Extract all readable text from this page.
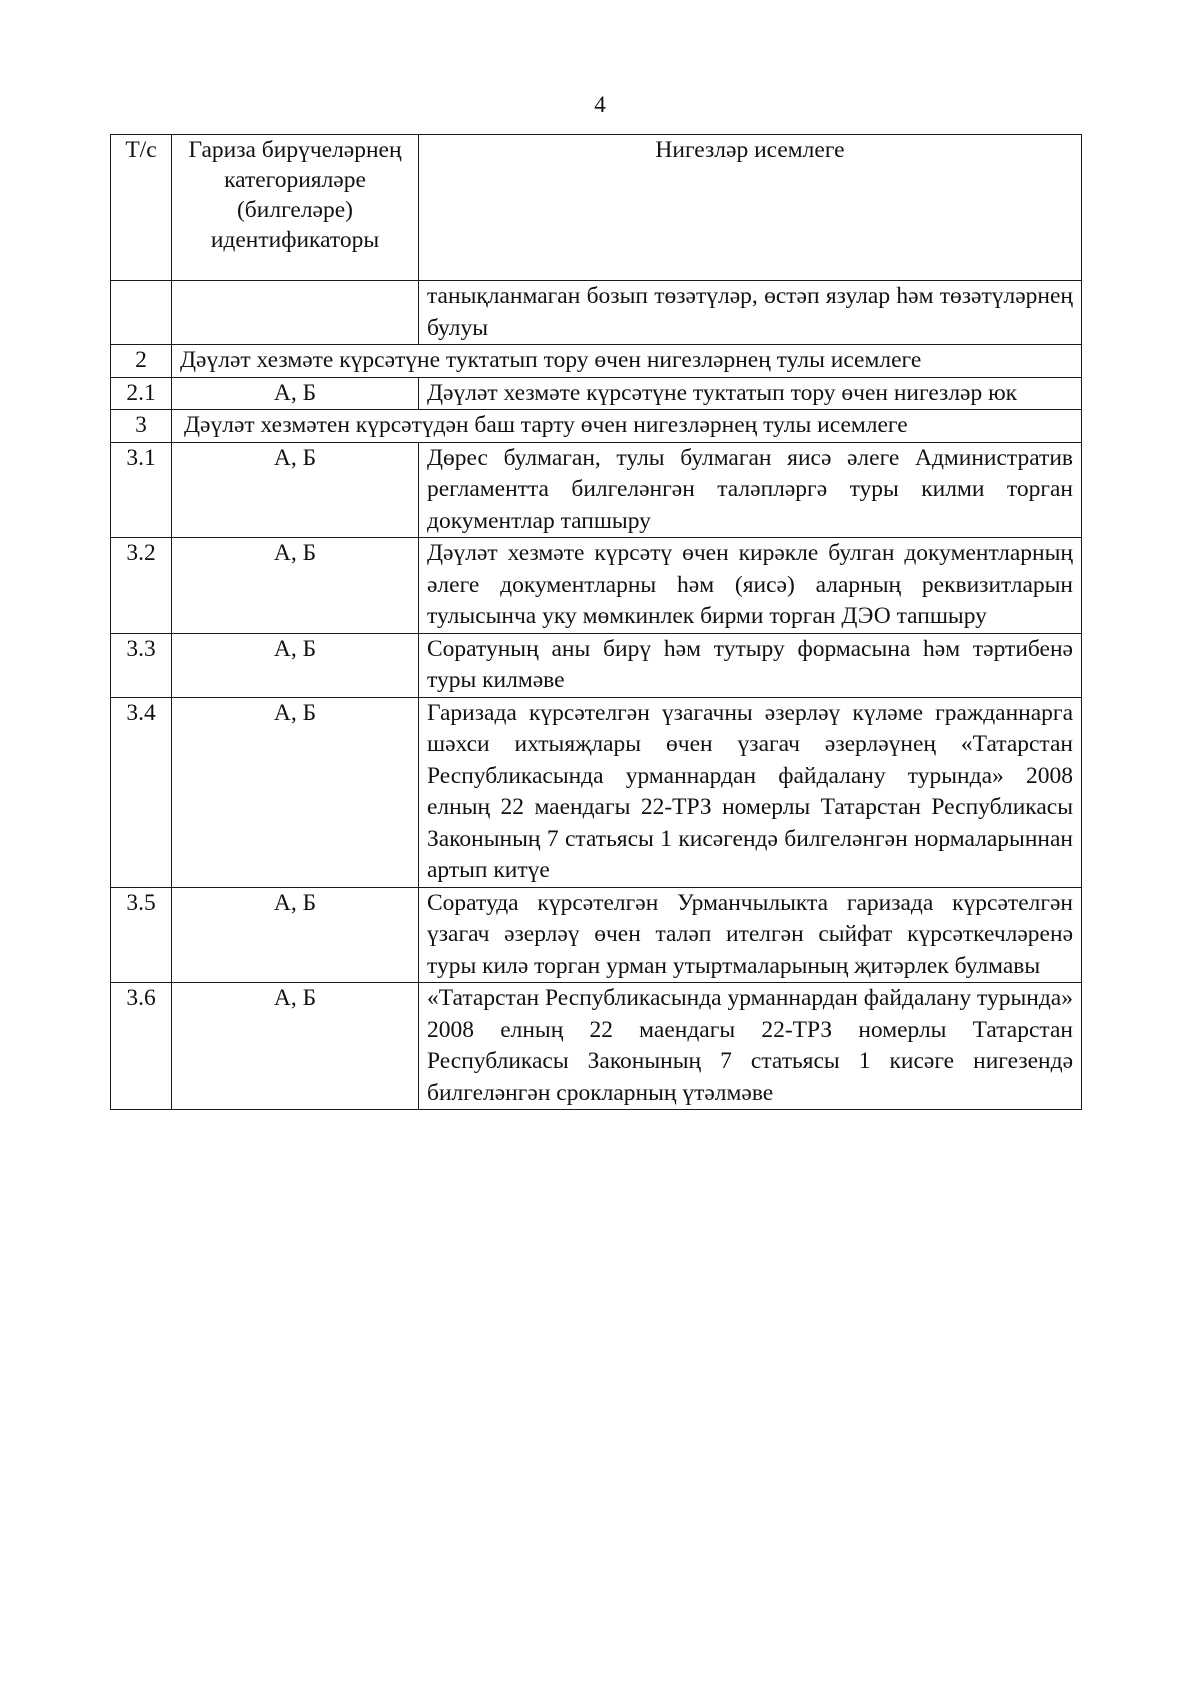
4
Т/с	Гариза бирүчеләрнең категорияләре (билгеләре) идентификаторы	Нигезләр исемлеге
		танықланмаган бозып төзәтүләр, өстәп язулар һәм төзәтүләрнең булуы
2	Дәүләт хезмәте күрсәтүне туктатып тору өчен нигезләрнең тулы исемлеге	
2.1	А, Б	Дәүләт хезмәте күрсәтүне туктатып тору өчен нигезләр юк
3	Дәүләт хезмәтен күрсәтүдән баш тарту өчен нигезләрнең тулы исемлеге	
3.1	А, Б	Дөрес булмаган, тулы булмаган яисә әлеге Административ регламентта билгеләнгән таләпләргә туры килми торган документлар тапшыру
3.2	А, Б	Дәүләт хезмәте күрсәтү өчен кирәкле булган документларның әлеге документларны һәм (яисә) аларның реквизитларын тулысынча уку мөмкинлек бирми торган ДЭО тапшыру
3.3	А, Б	Соратуның аны бирү һәм тутыру формасына һәм тәртибенә туры килмәве
3.4	А, Б	Гаризада күрсәтелгән үзагачны әзерләү күләме гражданнарга шәхси ихтыяҗлары өчен үзагач әзерләүнең «Татарстан Республикасында урманнардан файдалану турында» 2008 елның 22 маендагы 22-ТРЗ номерлы Татарстан Республикасы Законының 7 статьясы 1 кисәгендә билгеләнгән нормаларыннан артып китүе
3.5	А, Б	Соратуда күрсәтелгән Урманчылыкта гаризада күрсәтелгән үзагач әзерләү өчен таләп ителгән сыйфат күрсәткечләренә туры килә торган урман утыртмаларының җитәрлек булмавы
3.6	А, Б	«Татарстан Республикасында урманнардан файдалану турында» 2008 елның 22 маендагы 22-ТРЗ номерлы Татарстан Республикасы Законының 7 статьясы 1 кисәге нигезендә билгеләнгән срокларның үтәлмәве
